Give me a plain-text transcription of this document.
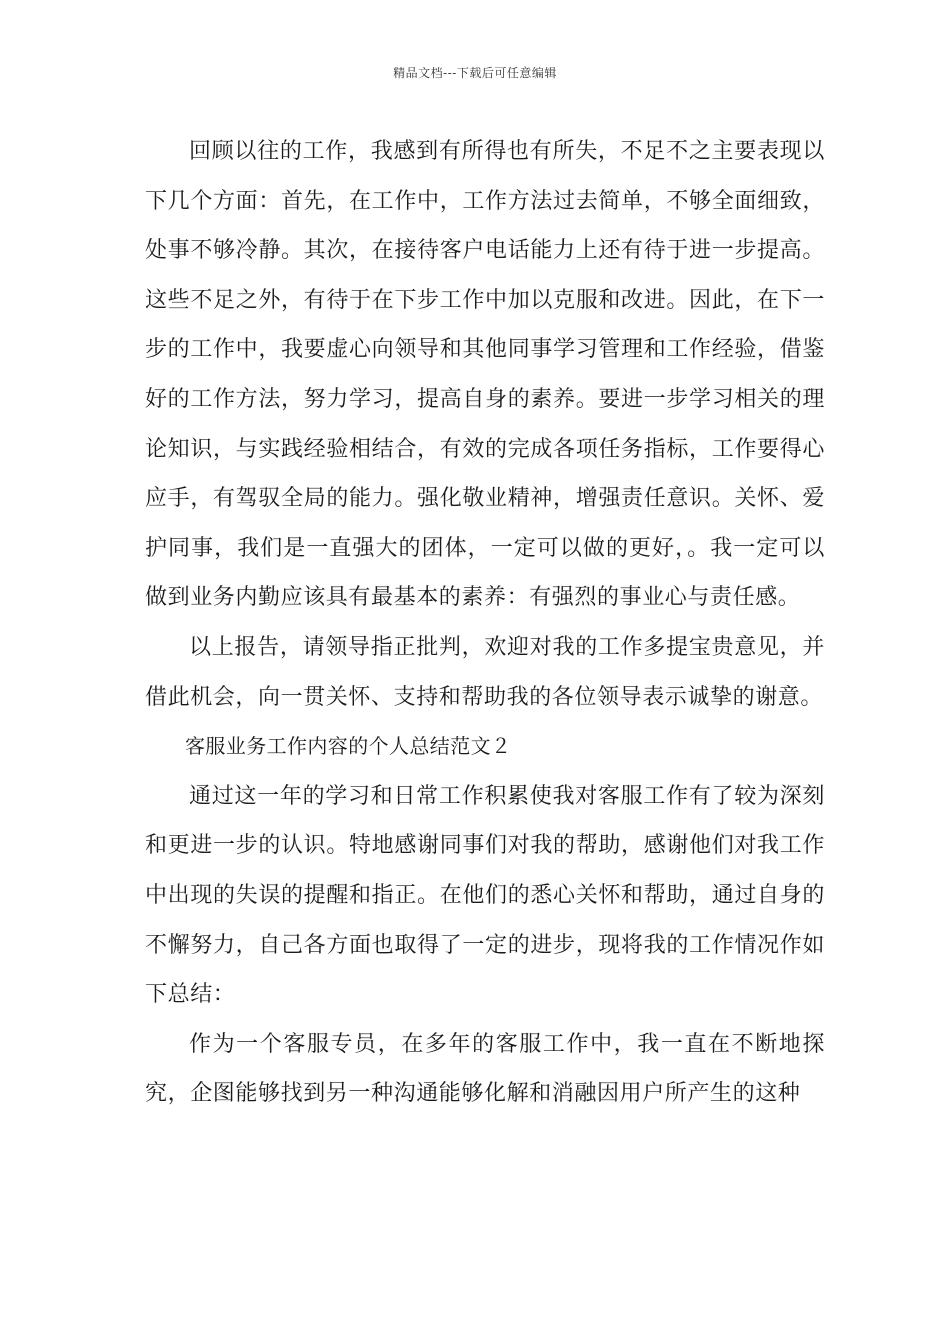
精品文档---下载后可任意编辑

回顾以往的工作，我感到有所得也有所失，不足不之主要表现以下几个方面：首先，在工作中，工作方法过去简单，不够全面细致，处事不够冷静。其次，在接待客户电话能力上还有待于进一步提高。这些不足之外，有待于在下步工作中加以克服和改进。因此，在下一步的工作中，我要虚心向领导和其他同事学习管理和工作经验，借鉴好的工作方法，努力学习，提高自身的素养。要进一步学习相关的理论知识，与实践经验相结合，有效的完成各项任务指标，工作要得心应手，有驾驭全局的能力。强化敬业精神，增强责任意识。关怀、爱护同事，我们是一直强大的团体，一定可以做的更好，。我一定可以做到业务内勤应该具有最基本的素养：有强烈的事业心与责任感。

以上报告，请领导指正批判，欢迎对我的工作多提宝贵意见，并借此机会，向一贯关怀、支持和帮助我的各位领导表示诚挚的谢意。

客服业务工作内容的个人总结范文２

通过这一年的学习和日常工作积累使我对客服工作有了较为深刻和更进一步的认识。特地感谢同事们对我的帮助，感谢他们对我工作中出现的失误的提醒和指正。在他们的悉心关怀和帮助，通过自身的不懈努力，自己各方面也取得了一定的进步，现将我的工作情况作如下总结：

作为一个客服专员，在多年的客服工作中，我一直在不断地探究，企图能够找到另一种沟通能够化解和消融因用户所产生的这种
